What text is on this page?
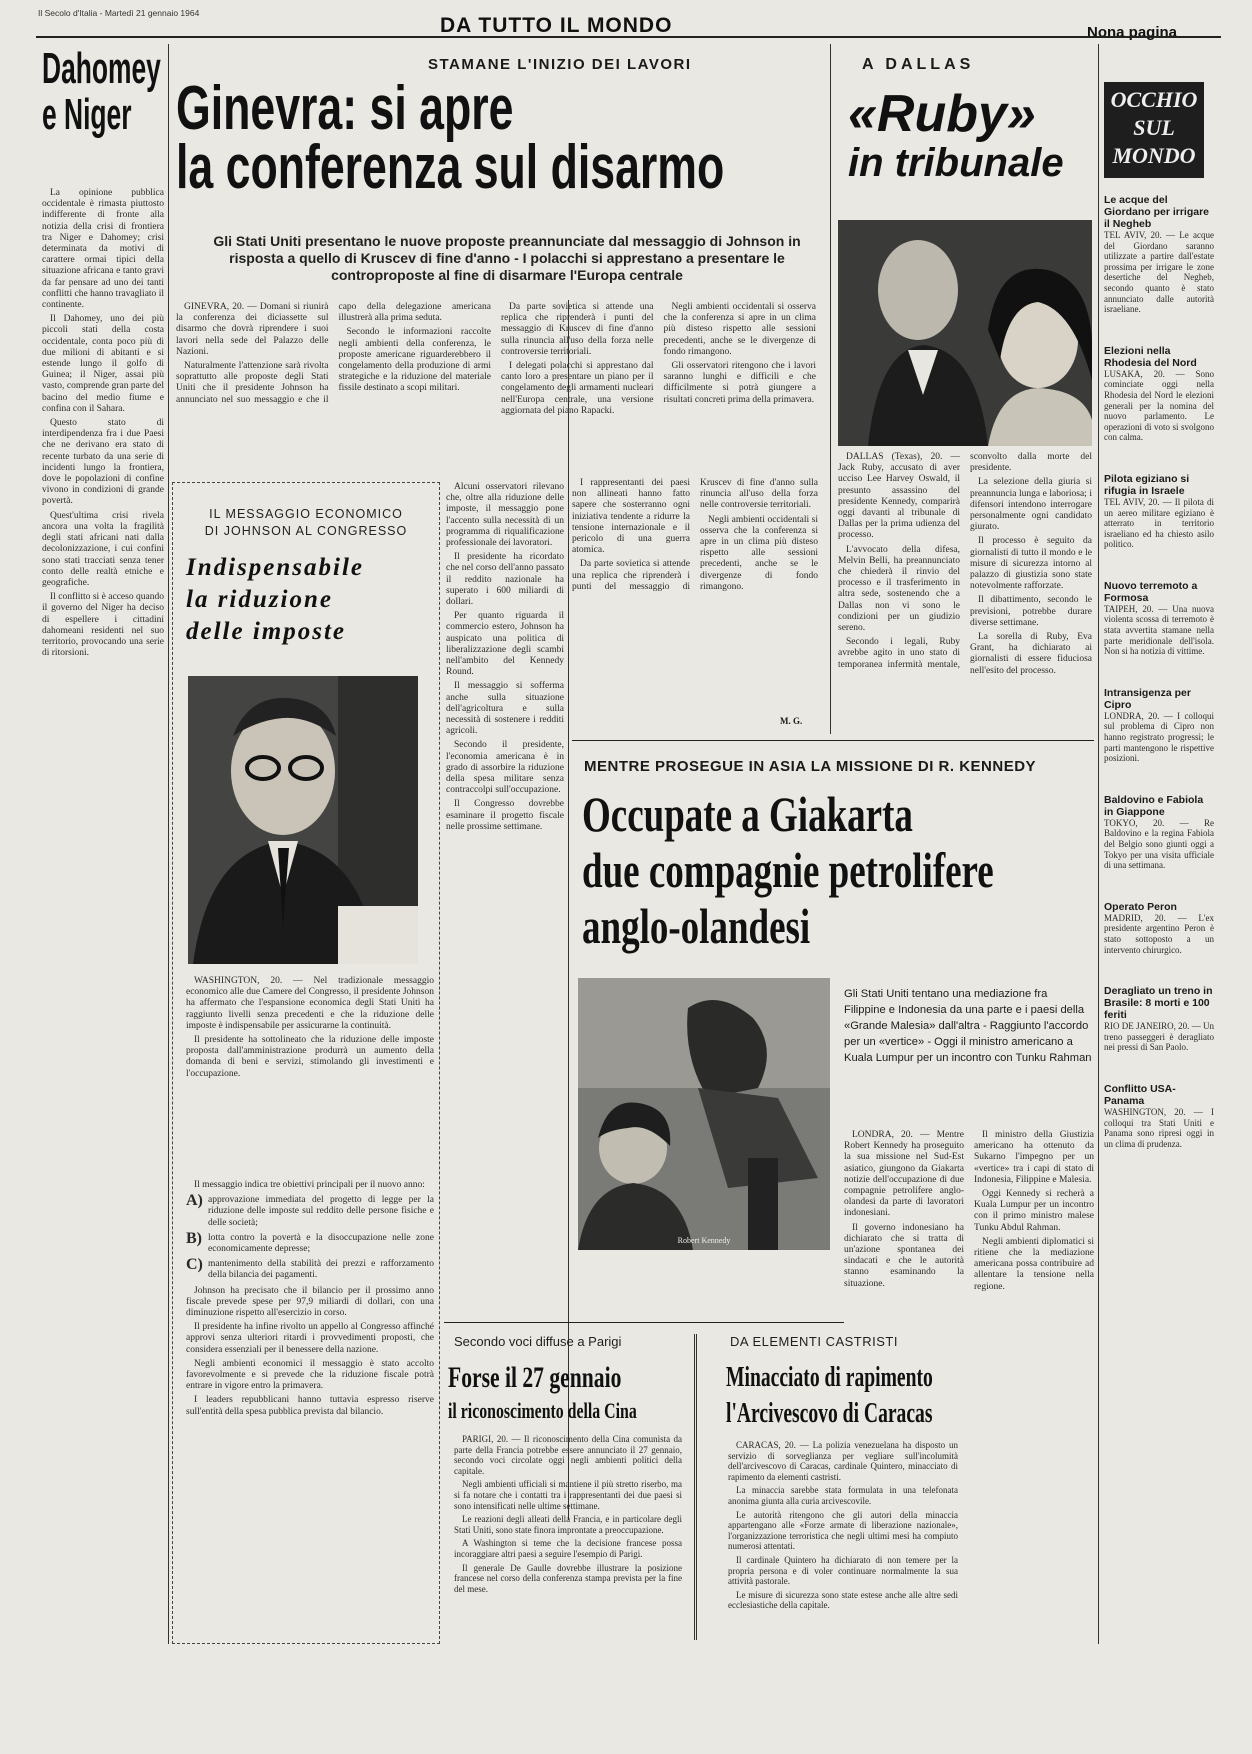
Il Secolo d'Italia - Martedì 21 gennaio 1964
DA TUTTO IL MONDO	Nona pagina
Dahomey
e Niger

La opinione pubblica occidentale è rimasta piuttosto indifferente di fronte alla notizia della crisi di frontiera tra Niger e Dahomey; crisi determinata da motivi di carattere ormai tipici della situazione africana e tanto gravi da far pensare ad uno dei tanti conflitti che hanno travagliato il continente.

Il Dahomey, uno dei più piccoli stati della costa occidentale, conta poco più di due milioni di abitanti e si estende lungo il golfo di Guinea; il Niger, assai più vasto, comprende gran parte del bacino del medio fiume e confina con il Sahara.

Questo stato di interdipendenza fra i due Paesi che ne derivano era stato di recente turbato da una serie di incidenti lungo la frontiera, dove le popolazioni di confine vivono in condizioni di grande povertà.

Quest'ultima crisi rivela ancora una volta la fragilità degli stati africani nati dalla decolonizzazione, i cui confini sono stati tracciati senza tener conto delle realtà etniche e geografiche.

Il conflitto si è acceso quando il governo del Niger ha deciso di espellere i cittadini dahomeani residenti nel suo territorio, provocando una serie di ritorsioni.

STAMANE L'INIZIO DEI LAVORI
Ginevra: si apre
la conferenza sul disarmo
Gli Stati Uniti presentano le nuove proposte preannunciate dal messaggio di Johnson in risposta a quello di Kruscev di fine d'anno - I polacchi si apprestano a presentare le controproposte al fine di disarmare l'Europa centrale

GINEVRA, 20. — Domani si riunirà la conferenza dei diciassette sul disarmo che dovrà riprendere i suoi lavori nella sede del Palazzo delle Nazioni.

Naturalmente l'attenzione sarà rivolta soprattutto alle proposte degli Stati Uniti che il presidente Johnson ha annunciato nel suo messaggio e che il capo della delegazione americana illustrerà alla prima seduta.

Secondo le informazioni raccolte negli ambienti della conferenza, le proposte americane riguarderebbero il congelamento della produzione di armi strategiche e la riduzione del materiale fissile destinato a scopi militari.

Da parte sovietica si attende una replica che riprenderà i punti del messaggio di Kruscev di fine d'anno sulla rinuncia all'uso della forza nelle controversie territoriali.

I delegati polacchi si apprestano dal canto loro a presentare un piano per il congelamento degli armamenti nucleari nell'Europa centrale, una versione aggiornata del piano Rapacki.

Negli ambienti occidentali si osserva che la conferenza si apre in un clima più disteso rispetto alle sessioni precedenti, anche se le divergenze di fondo rimangono.

Gli osservatori ritengono che i lavori saranno lunghi e difficili e che difficilmente si potrà giungere a risultati concreti prima della primavera.

I rappresentanti dei paesi non allineati hanno fatto sapere che sosterranno ogni iniziativa tendente a ridurre la tensione internazionale e il pericolo di una guerra atomica.

Da parte sovietica si attende una replica che riprenderà i punti del messaggio di Kruscev di fine d'anno sulla rinuncia all'uso della forza nelle controversie territoriali.

Negli ambienti occidentali si osserva che la conferenza si apre in un clima più disteso rispetto alle sessioni precedenti, anche se le divergenze di fondo rimangono.

M. G.
A DALLAS
«Ruby»
in tribunale

DALLAS (Texas), 20. — Jack Ruby, accusato di aver ucciso Lee Harvey Oswald, il presunto assassino del presidente Kennedy, comparirà oggi davanti al tribunale di Dallas per la prima udienza del processo.

L'avvocato della difesa, Melvin Belli, ha preannunciato che chiederà il rinvio del processo e il trasferimento in altra sede, sostenendo che a Dallas non vi sono le condizioni per un giudizio sereno.

Secondo i legali, Ruby avrebbe agito in uno stato di temporanea infermità mentale, sconvolto dalla morte del presidente.

La selezione della giuria si preannuncia lunga e laboriosa; i difensori intendono interrogare personalmente ogni candidato giurato.

Il processo è seguito da giornalisti di tutto il mondo e le misure di sicurezza intorno al palazzo di giustizia sono state notevolmente rafforzate.

Il dibattimento, secondo le previsioni, potrebbe durare diverse settimane.

La sorella di Ruby, Eva Grant, ha dichiarato ai giornalisti di essere fiduciosa nell'esito del processo.

OCCHIO
SUL
MONDO
Le acque del Giordano per irrigare il Negheb
TEL AVIV, 20. — Le acque del Giordano saranno utilizzate a partire dall'estate prossima per irrigare le zone desertiche del Negheb, secondo quanto è stato annunciato dalle autorità israeliane.
Elezioni nella Rhodesia del Nord
LUSAKA, 20. — Sono cominciate oggi nella Rhodesia del Nord le elezioni generali per la nomina del nuovo parlamento. Le operazioni di voto si svolgono con calma.
Pilota egiziano si rifugia in Israele
TEL AVIV, 20. — Il pilota di un aereo militare egiziano è atterrato in territorio israeliano ed ha chiesto asilo politico.
Nuovo terremoto a Formosa
TAIPEH, 20. — Una nuova violenta scossa di terremoto è stata avvertita stamane nella parte meridionale dell'isola. Non si ha notizia di vittime.
Intransigenza per Cipro
LONDRA, 20. — I colloqui sul problema di Cipro non hanno registrato progressi; le parti mantengono le rispettive posizioni.
Baldovino e Fabiola in Giappone
TOKYO, 20. — Re Baldovino e la regina Fabiola del Belgio sono giunti oggi a Tokyo per una visita ufficiale di una settimana.
Operato Peron
MADRID, 20. — L'ex presidente argentino Peron è stato sottoposto a un intervento chirurgico.
Deragliato un treno in Brasile: 8 morti e 100 feriti
RIO DE JANEIRO, 20. — Un treno passeggeri è deragliato nei pressi di San Paolo.
Conflitto USA-Panama
WASHINGTON, 20. — I colloqui tra Stati Uniti e Panama sono ripresi oggi in un clima di prudenza.
IL MESSAGGIO ECONOMICO
DI JOHNSON AL CONGRESSO
Indispensabile
la riduzione
delle imposte

WASHINGTON, 20. — Nel tradizionale messaggio economico alle due Camere del Congresso, il presidente Johnson ha affermato che l'espansione economica degli Stati Uniti ha raggiunto livelli senza precedenti e che la riduzione delle imposte è indispensabile per assicurarne la continuità.

Il presidente ha sottolineato che la riduzione delle imposte proposta dall'amministrazione produrrà un aumento della domanda di beni e servizi, stimolando gli investimenti e l'occupazione.

Il messaggio indica tre obiettivi principali per il nuovo anno:

A) approvazione immediata del progetto di legge per la riduzione delle imposte sul reddito delle persone fisiche e delle società;
B) lotta contro la povertà e la disoccupazione nelle zone economicamente depresse;
C) mantenimento della stabilità dei prezzi e rafforzamento della bilancia dei pagamenti.

Johnson ha precisato che il bilancio per il prossimo anno fiscale prevede spese per 97,9 miliardi di dollari, con una diminuzione rispetto all'esercizio in corso.

Il presidente ha infine rivolto un appello al Congresso affinché approvi senza ulteriori ritardi i provvedimenti proposti, che considera essenziali per il benessere della nazione.

Negli ambienti economici il messaggio è stato accolto favorevolmente e si prevede che la riduzione fiscale potrà entrare in vigore entro la primavera.

I leaders repubblicani hanno tuttavia espresso riserve sull'entità della spesa pubblica prevista dal bilancio.

Alcuni osservatori rilevano che, oltre alla riduzione delle imposte, il messaggio pone l'accento sulla necessità di un programma di riqualificazione professionale dei lavoratori.

Il presidente ha ricordato che nel corso dell'anno passato il reddito nazionale ha superato i 600 miliardi di dollari.

Per quanto riguarda il commercio estero, Johnson ha auspicato una politica di liberalizzazione degli scambi nell'ambito del Kennedy Round.

Il messaggio si sofferma anche sulla situazione dell'agricoltura e sulla necessità di sostenere i redditi agricoli.

Secondo il presidente, l'economia americana è in grado di assorbire la riduzione della spesa militare senza contraccolpi sull'occupazione.

Il Congresso dovrebbe esaminare il progetto fiscale nelle prossime settimane.

MENTRE PROSEGUE IN ASIA LA MISSIONE DI R. KENNEDY
Occupate a Giakarta
due compagnie petrolifere
anglo-olandesi
Robert Kennedy
Gli Stati Uniti tentano una mediazione fra Filippine e Indonesia da una parte e i paesi della «Grande Malesia» dall'altra - Raggiunto l'accordo per un «vertice» - Oggi il ministro americano a Kuala Lumpur per un incontro con Tunku Rahman

LONDRA, 20. — Mentre Robert Kennedy ha proseguito la sua missione nel Sud-Est asiatico, giungono da Giakarta notizie dell'occupazione di due compagnie petrolifere anglo-olandesi da parte di lavoratori indonesiani.

Il governo indonesiano ha dichiarato che si tratta di un'azione spontanea dei sindacati e che le autorità stanno esaminando la situazione.

Il ministro della Giustizia americano ha ottenuto da Sukarno l'impegno per un «vertice» tra i capi di stato di Indonesia, Filippine e Malesia.

Oggi Kennedy si recherà a Kuala Lumpur per un incontro con il primo ministro malese Tunku Abdul Rahman.

Negli ambienti diplomatici si ritiene che la mediazione americana possa contribuire ad allentare la tensione nella regione.

Secondo voci diffuse a Parigi
Forse il 27 gennaio
il riconoscimento della Cina

PARIGI, 20. — Il riconoscimento della Cina comunista da parte della Francia potrebbe essere annunciato il 27 gennaio, secondo voci circolate oggi negli ambienti politici della capitale.

Negli ambienti ufficiali si mantiene il più stretto riserbo, ma si fa notare che i contatti tra i rappresentanti dei due paesi si sono intensificati nelle ultime settimane.

Le reazioni degli alleati della Francia, e in particolare degli Stati Uniti, sono state finora improntate a preoccupazione.

A Washington si teme che la decisione francese possa incoraggiare altri paesi a seguire l'esempio di Parigi.

Il generale De Gaulle dovrebbe illustrare la posizione francese nel corso della conferenza stampa prevista per la fine del mese.

DA ELEMENTI CASTRISTI
Minacciato di rapimento
l'Arcivescovo di Caracas

CARACAS, 20. — La polizia venezuelana ha disposto un servizio di sorveglianza per vegliare sull'incolumità dell'arcivescovo di Caracas, cardinale Quintero, minacciato di rapimento da elementi castristi.

La minaccia sarebbe stata formulata in una telefonata anonima giunta alla curia arcivescovile.

Le autorità ritengono che gli autori della minaccia appartengano alle «Forze armate di liberazione nazionale», l'organizzazione terroristica che negli ultimi mesi ha compiuto numerosi attentati.

Il cardinale Quintero ha dichiarato di non temere per la propria persona e di voler continuare normalmente la sua attività pastorale.

Le misure di sicurezza sono state estese anche alle altre sedi ecclesiastiche della capitale.
